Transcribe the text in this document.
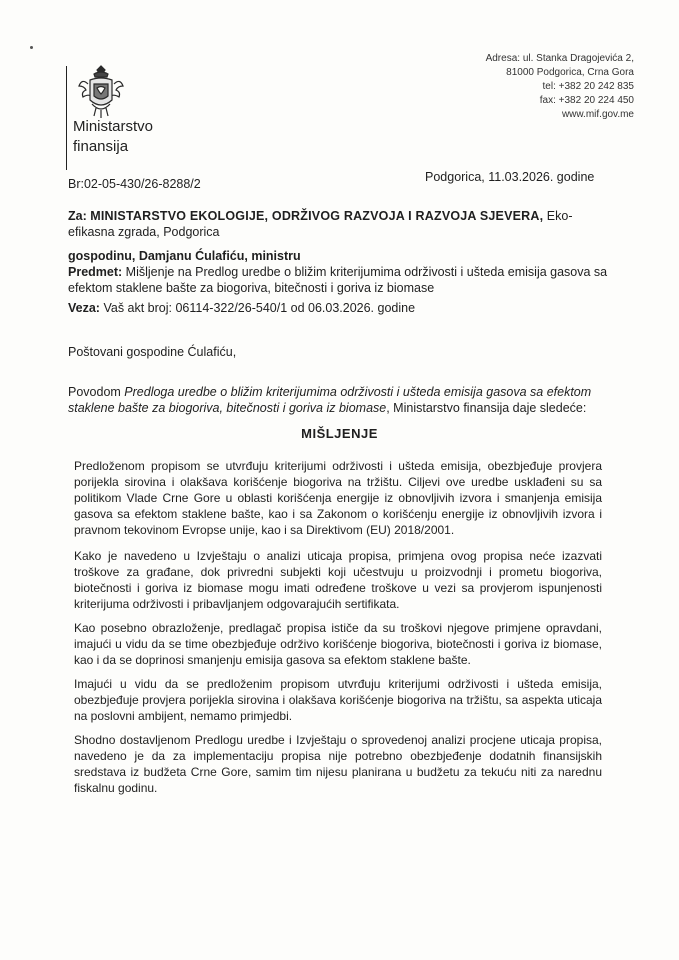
Ministarstvo
finansija
Adresa: ul. Stanka Dragojevića 2,
81000 Podgorica, Crna Gora
tel: +382 20 242 835
fax: +382 20 224 450
www.mif.gov.me
Br:02-05-430/26-8288/2	Podgorica, 11.03.2026. godine
Za: MINISTARSTVO EKOLOGIJE, ODRŽIVOG RAZVOJA I RAZVOJA SJEVERA, Eko-efikasna zgrada, Podgorica
gospodinu, Damjanu Ćulafiću, ministru
Predmet: Mišljenje na Predlog uredbe o bližim kriterijumima održivosti i ušteda emisija gasova sa efektom staklene bašte za biogoriva, bitečnosti i goriva iz biomase
Veza: Vaš akt broj: 06114-322/26-540/1 od 06.03.2026. godine
Poštovani gospodine Ćulafiću,
Povodom Predloga uredbe o bližim kriterijumima održivosti i ušteda emisija gasova sa efektom staklene bašte za biogoriva, bitečnosti i goriva iz biomase, Ministarstvo finansija daje sledeće:
MIŠLJENJE
Predloženom propisom se utvrđuju kriterijumi održivosti i ušteda emisija, obezbjeđuje provjera porijekla sirovina i olakšava korišćenje biogoriva na tržištu. Ciljevi ove uredbe usklađeni su sa politikom Vlade Crne Gore u oblasti korišćenja energije iz obnovljivih izvora i smanjenja emisija gasova sa efektom staklene bašte, kao i sa Zakonom o korišćenju energije iz obnovljivih izvora i pravnom tekovinom Evropse unije, kao i sa Direktivom (EU) 2018/2001.
Kako je navedeno u Izvještaju o analizi uticaja propisa, primjena ovog propisa neće izazvati troškove za građane, dok privredni subjekti koji učestvuju u proizvodnji i prometu biogoriva, biotečnosti i goriva iz biomase mogu imati određene troškove u vezi sa provjerom ispunjenosti kriterijuma održivosti i pribavljanjem odgovarajućih sertifikata.
Kao posebno obrazloženje, predlagač propisa ističe da su troškovi njegove primjene opravdani, imajući u vidu da se time obezbjeđuje održivo korišćenje biogoriva, biotečnosti i goriva iz biomase, kao i da se doprinosi smanjenju emisija gasova sa efektom staklene bašte.
Imajući u vidu da se predloženim propisom utvrđuju kriterijumi održivosti i ušteda emisija, obezbjeđuje provjera porijekla sirovina i olakšava korišćenje biogoriva na tržištu, sa aspekta uticaja na poslovni ambijent, nemamo primjedbi.
Shodno dostavljenom Predlogu uredbe i Izvještaju o sprovedenoj analizi procjene uticaja propisa, navedeno je da za implementaciju propisa nije potrebno obezbjeđenje dodatnih finansijskih sredstava iz budžeta Crne Gore, samim tim nijesu planirana u budžetu za tekuću niti za narednu fiskalnu godinu.
